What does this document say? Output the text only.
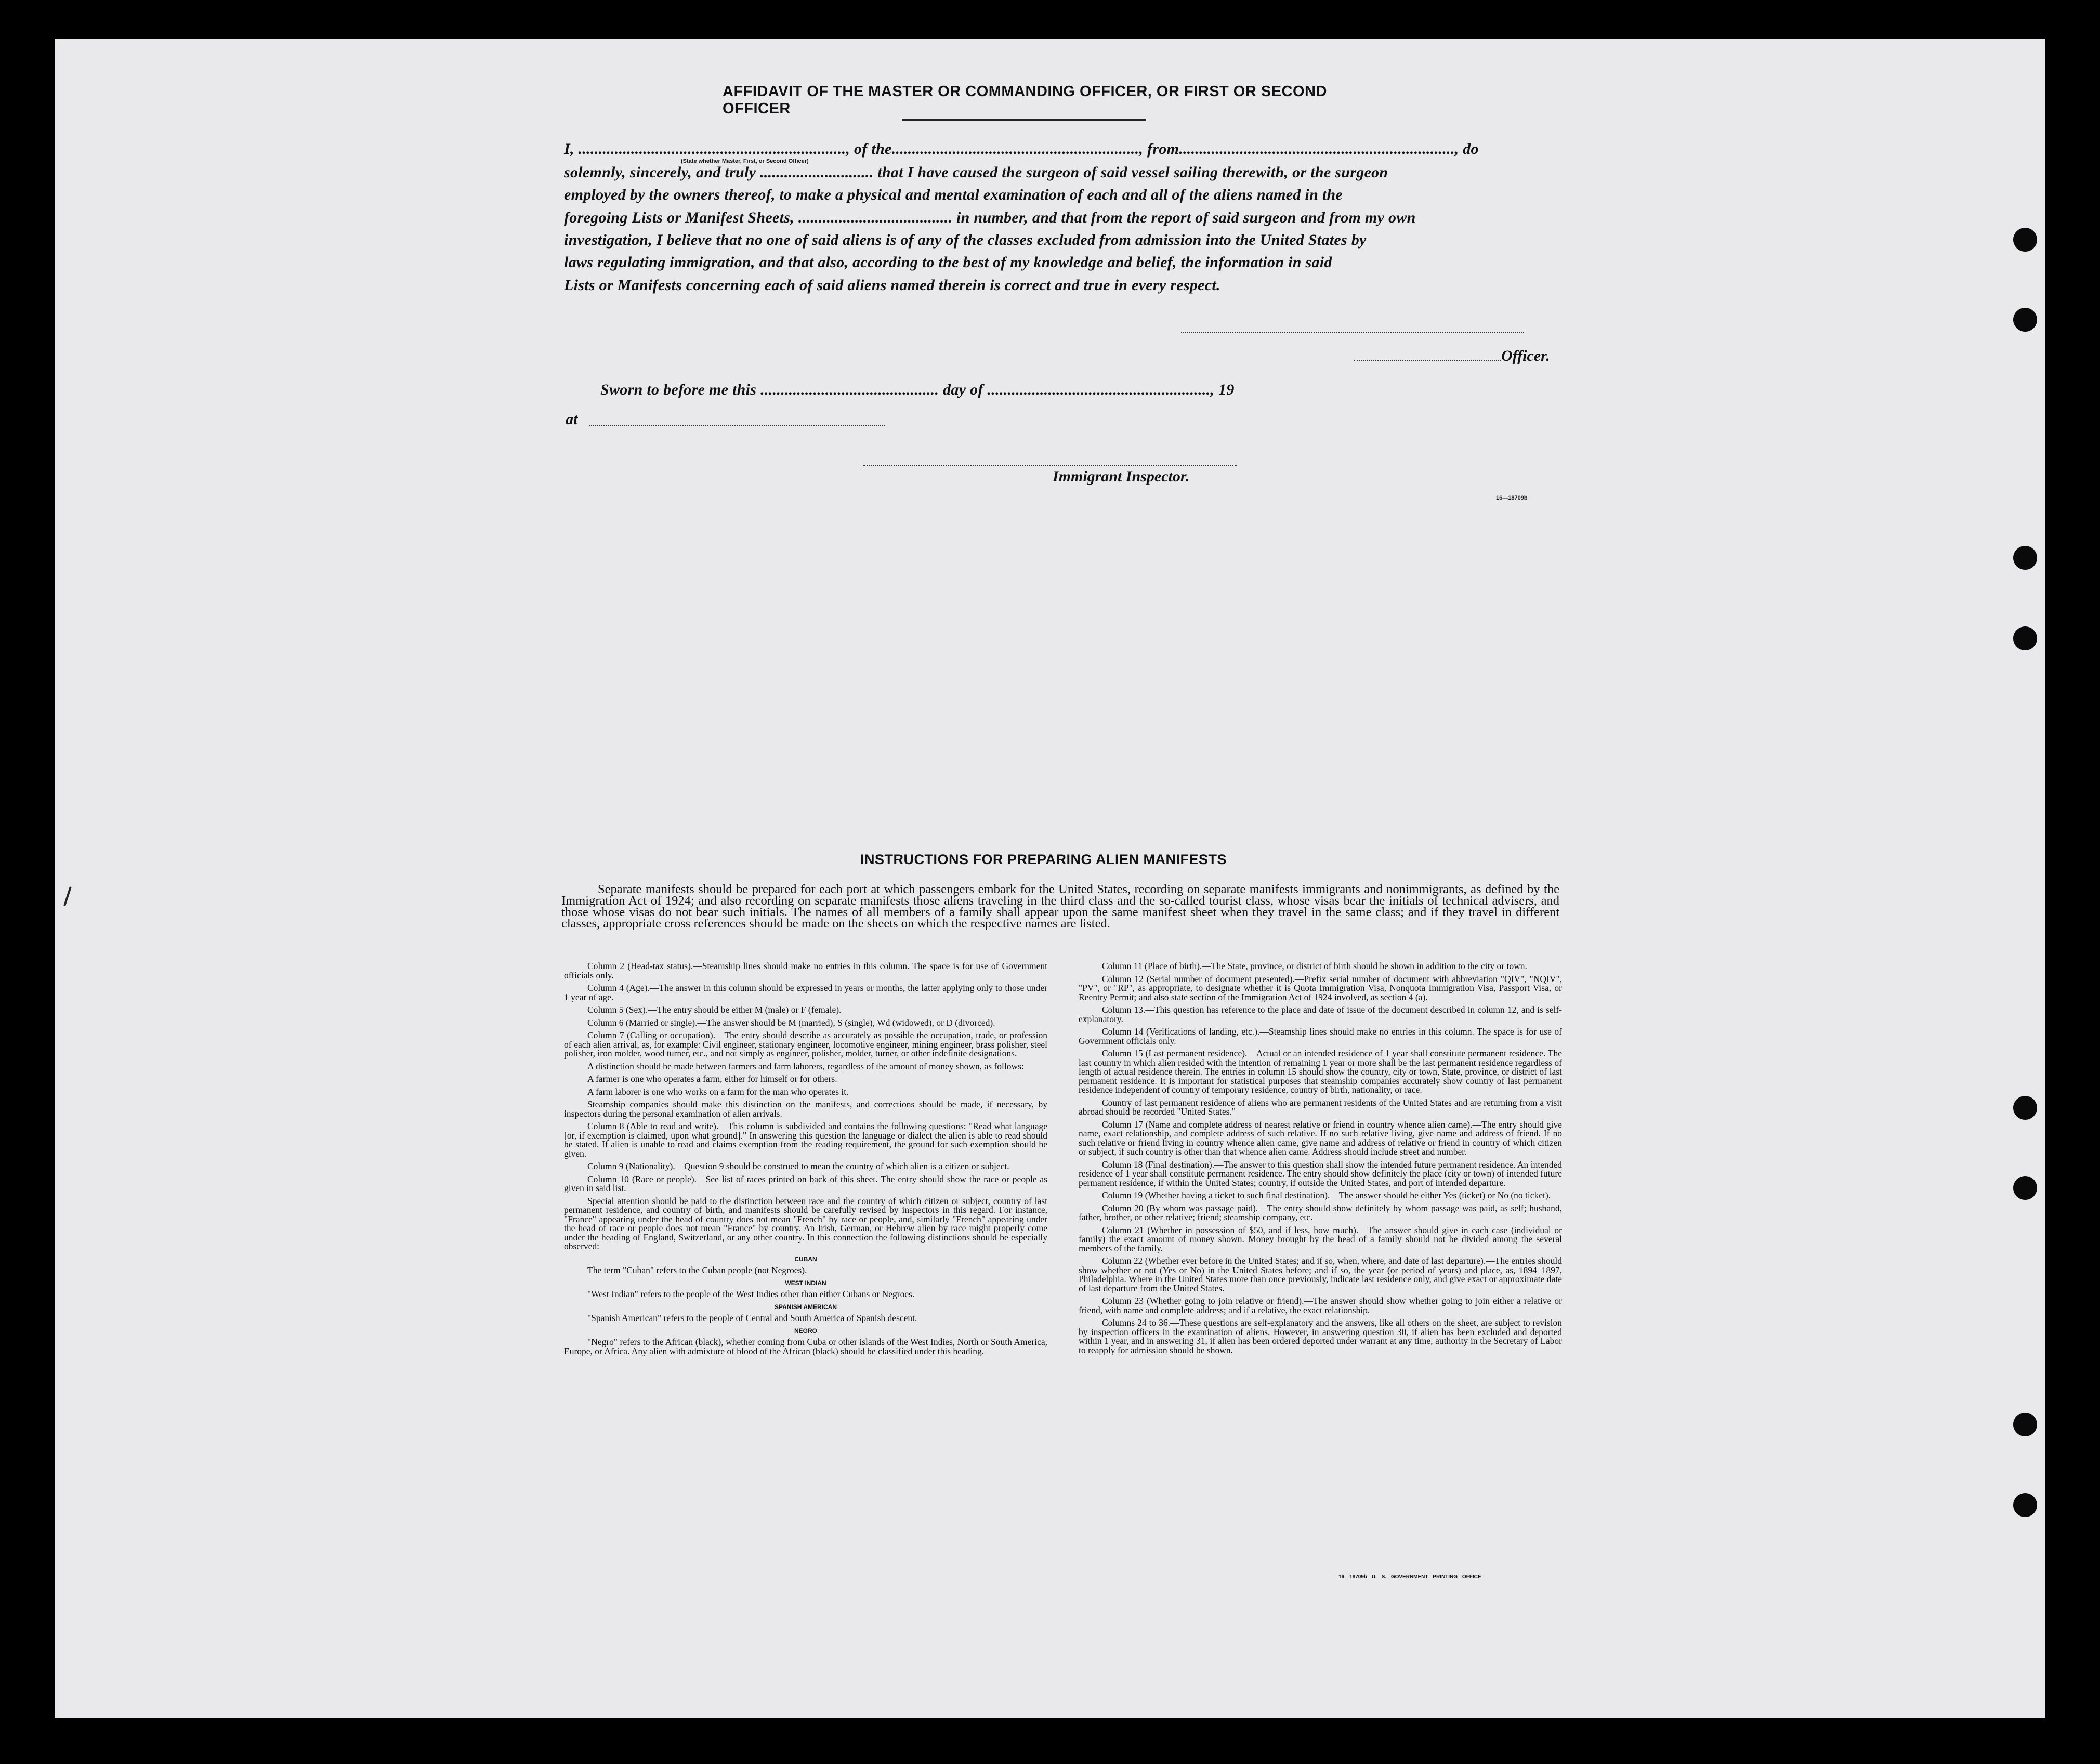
AFFIDAVIT OF THE MASTER OR COMMANDING OFFICER, OR FIRST OR SECOND OFFICER
I, .................................................................., of the............................................................., from...................................................................., do
(State whether Master, First, or Second Officer)
solemnly, sincerely, and truly ............................ that I have caused the surgeon of said vessel sailing therewith, or the surgeon
employed by the owners thereof, to make a physical and mental examination of each and all of the aliens named in the
foregoing Lists or Manifest Sheets, ...................................... in number, and that from the report of said surgeon and from my own
investigation, I believe that no one of said aliens is of any of the classes excluded from admission into the United States by
laws regulating immigration, and that also, according to the best of my knowledge and belief, the information in said
Lists or Manifests concerning each of said aliens named therein is correct and true in every respect.
Officer.
Sworn to before me this ............................................ day of ......................................................., 19
at
Immigrant Inspector.
16—18709b
INSTRUCTIONS FOR PREPARING ALIEN MANIFESTS
Separate manifests should be prepared for each port at which passengers embark for the United States, recording on separate manifests immigrants and nonimmigrants, as defined by the Immigration Act of 1924; and also recording on separate manifests those aliens traveling in the third class and the so-called tourist class, whose visas bear the initials of technical advisers, and those whose visas do not bear such initials. The names of all members of a family shall appear upon the same manifest sheet when they travel in the same class; and if they travel in different classes, appropriate cross references should be made on the sheets on which the respective names are listed.

Column 2 (Head-tax status).—Steamship lines should make no entries in this column. The space is for use of Government officials only.

Column 4 (Age).—The answer in this column should be expressed in years or months, the latter applying only to those under 1 year of age.

Column 5 (Sex).—The entry should be either M (male) or F (female).

Column 6 (Married or single).—The answer should be M (married), S (single), Wd (widowed), or D (divorced).

Column 7 (Calling or occupation).—The entry should describe as accurately as possible the occupation, trade, or profession of each alien arrival, as, for example: Civil engineer, stationary engineer, locomotive engineer, mining engineer, brass polisher, steel polisher, iron molder, wood turner, etc., and not simply as engineer, polisher, molder, turner, or other indefinite designations.

A distinction should be made between farmers and farm laborers, regardless of the amount of money shown, as follows:

A farmer is one who operates a farm, either for himself or for others.

A farm laborer is one who works on a farm for the man who operates it.

Steamship companies should make this distinction on the manifests, and corrections should be made, if necessary, by inspectors during the personal examination of alien arrivals.

Column 8 (Able to read and write).—This column is subdivided and contains the following questions: "Read what language [or, if exemption is claimed, upon what ground]." In answering this question the language or dialect the alien is able to read should be stated. If alien is unable to read and claims exemption from the reading requirement, the ground for such exemption should be given.

Column 9 (Nationality).—Question 9 should be construed to mean the country of which alien is a citizen or subject.

Column 10 (Race or people).—See list of races printed on back of this sheet. The entry should show the race or people as given in said list.

Special attention should be paid to the distinction between race and the country of which citizen or subject, country of last permanent residence, and country of birth, and manifests should be carefully revised by inspectors in this regard. For instance, "France" appearing under the head of country does not mean "French" by race or people, and, similarly "French" appearing under the head of race or people does not mean "France" by country. An Irish, German, or Hebrew alien by race might properly come under the heading of England, Switzerland, or any other country. In this connection the following distinctions should be especially observed:

CUBAN

The term "Cuban" refers to the Cuban people (not Negroes).

WEST INDIAN

"West Indian" refers to the people of the West Indies other than either Cubans or Negroes.

SPANISH AMERICAN

"Spanish American" refers to the people of Central and South America of Spanish descent.

NEGRO

"Negro" refers to the African (black), whether coming from Cuba or other islands of the West Indies, North or South America, Europe, or Africa. Any alien with admixture of blood of the African (black) should be classified under this heading.

Column 11 (Place of birth).—The State, province, or district of birth should be shown in addition to the city or town.

Column 12 (Serial number of document presented).—Prefix serial number of document with abbreviation "QIV", "NQIV", "PV", or "RP", as appropriate, to designate whether it is Quota Immigration Visa, Nonquota Immigration Visa, Passport Visa, or Reentry Permit; and also state section of the Immigration Act of 1924 involved, as section 4 (a).

Column 13.—This question has reference to the place and date of issue of the document described in column 12, and is self-explanatory.

Column 14 (Verifications of landing, etc.).—Steamship lines should make no entries in this column. The space is for use of Government officials only.

Column 15 (Last permanent residence).—Actual or an intended residence of 1 year shall constitute permanent residence. The last country in which alien resided with the intention of remaining 1 year or more shall be the last permanent residence regardless of length of actual residence therein. The entries in column 15 should show the country, city or town, State, province, or district of last permanent residence. It is important for statistical purposes that steamship companies accurately show country of last permanent residence independent of country of temporary residence, country of birth, nationality, or race.

Country of last permanent residence of aliens who are permanent residents of the United States and are returning from a visit abroad should be recorded "United States."

Column 17 (Name and complete address of nearest relative or friend in country whence alien came).—The entry should give name, exact relationship, and complete address of such relative. If no such relative living, give name and address of friend. If no such relative or friend living in country whence alien came, give name and address of relative or friend in country of which citizen or subject, if such country is other than that whence alien came. Address should include street and number.

Column 18 (Final destination).—The answer to this question shall show the intended future permanent residence. An intended residence of 1 year shall constitute permanent residence. The entry should show definitely the place (city or town) of intended future permanent residence, if within the United States; country, if outside the United States, and port of intended departure.

Column 19 (Whether having a ticket to such final destination).—The answer should be either Yes (ticket) or No (no ticket).

Column 20 (By whom was passage paid).—The entry should show definitely by whom passage was paid, as self; husband, father, brother, or other relative; friend; steamship company, etc.

Column 21 (Whether in possession of $50, and if less, how much).—The answer should give in each case (individual or family) the exact amount of money shown. Money brought by the head of a family should not be divided among the several members of the family.

Column 22 (Whether ever before in the United States; and if so, when, where, and date of last departure).—The entries should show whether or not (Yes or No) in the United States before; and if so, the year (or period of years) and place, as, 1894–1897, Philadelphia. Where in the United States more than once previously, indicate last residence only, and give exact or approximate date of last departure from the United States.

Column 23 (Whether going to join relative or friend).—The answer should show whether going to join either a relative or friend, with name and complete address; and if a relative, the exact relationship.

Columns 24 to 36.—These questions are self-explanatory and the answers, like all others on the sheet, are subject to revision by inspection officers in the examination of aliens. However, in answering question 30, if alien has been excluded and deported within 1 year, and in answering 31, if alien has been ordered deported under warrant at any time, authority in the Secretary of Labor to reapply for admission should be shown.

16—18709b U. S. GOVERNMENT PRINTING OFFICE
